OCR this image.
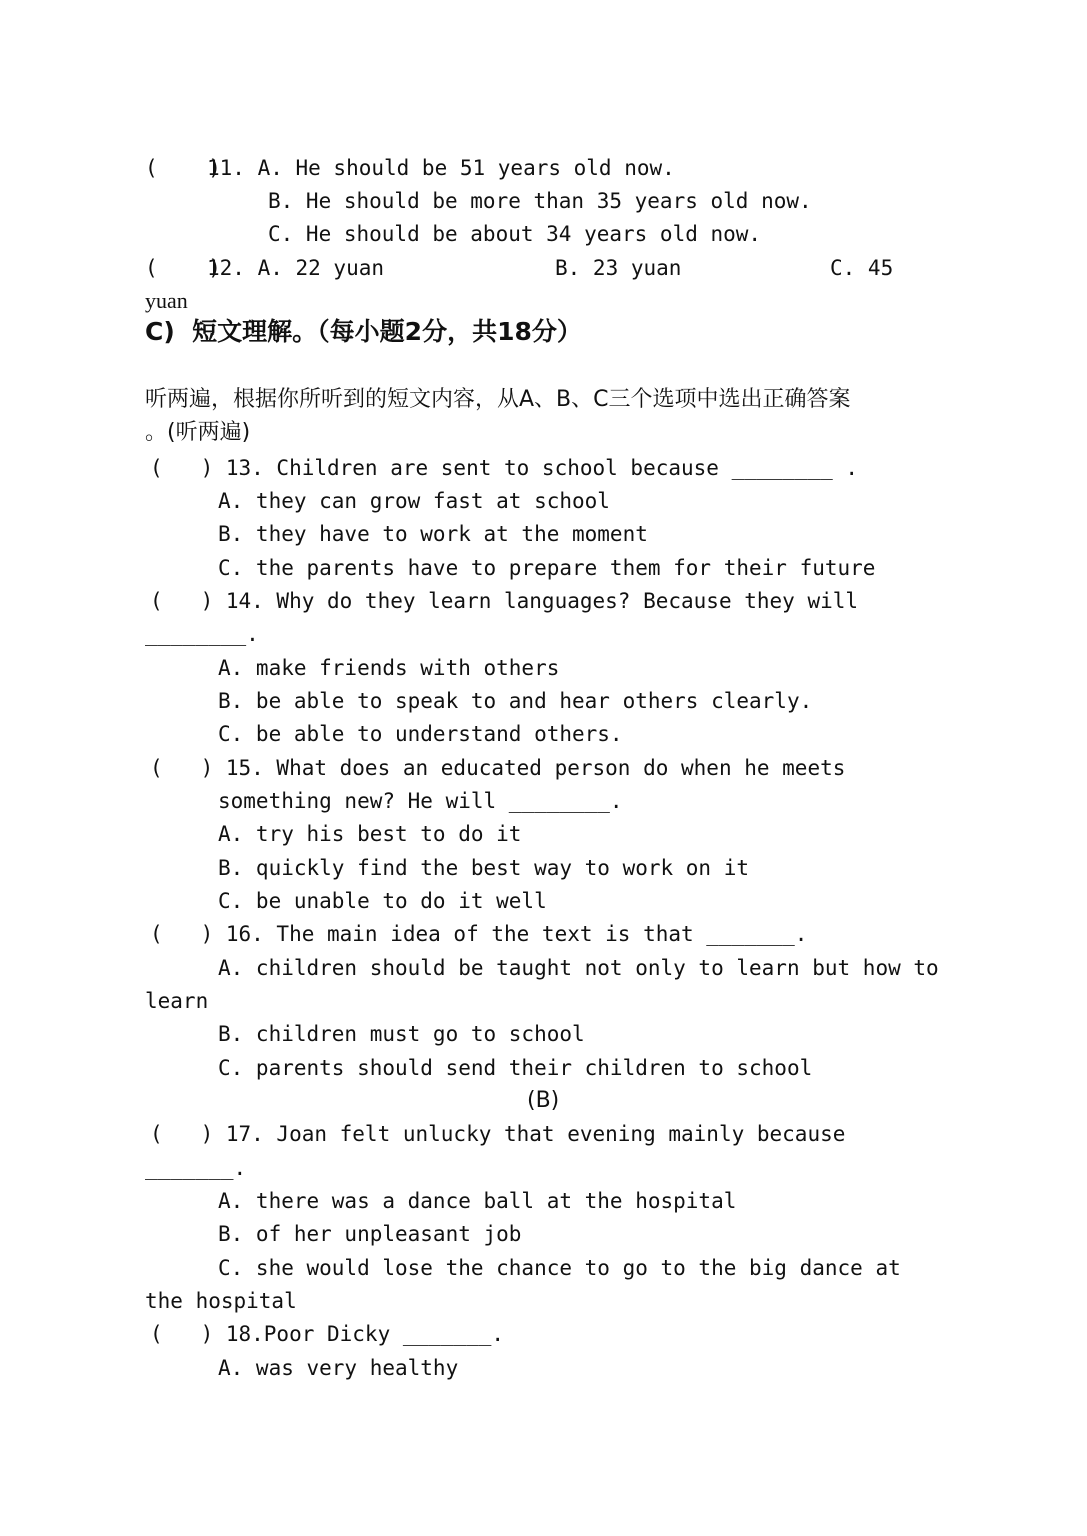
(    )
11. A. He should be 51 years old now.
B. He should be more than 35 years old now.
C. He should be about 34 years old now.
(    )
12. A. 22 yuan	B. 23 yuan	C. 45
yuan
C)  短文理解。（每小题2分，共18分）
听两遍，根据你所听到的短文内容，从A、B、C三个选项中选出正确答案
。(听两遍)
(   ) 13. Children are sent to school because ________ .
A. they can grow fast at school
B. they have to work at the moment
C. the parents have to prepare them for their future
(   ) 14. Why do they learn languages? Because they will
________.
A. make friends with others
B. be able to speak to and hear others clearly.
C. be able to understand others.
(   ) 15. What does an educated person do when he meets
something new? He will ________.
A. try his best to do it
B. quickly find the best way to work on it
C. be unable to do it well
(   ) 16. The main idea of the text is that _______.
A. children should be taught not only to learn but how to
learn
B. children must go to school
C. parents should send their children to school
(B)
(   ) 17. Joan felt unlucky that evening mainly because
_______.
A. there was a dance ball at the hospital
B. of her unpleasant job
C. she would lose the chance to go to the big dance at
the hospital
(   ) 18.Poor Dicky _______.
A. was very healthy
